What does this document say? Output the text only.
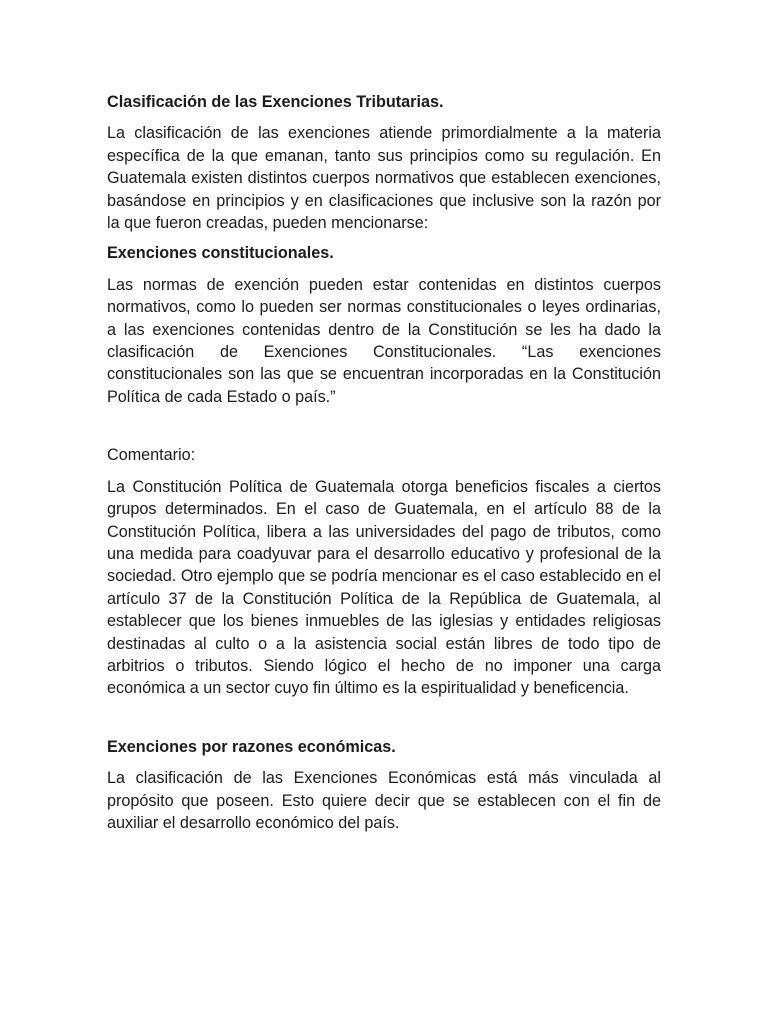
Clasificación de las Exenciones Tributarias.

La clasificación de las exenciones atiende primordialmente a la materia específica de la que emanan, tanto sus principios como su regulación. En Guatemala existen distintos cuerpos normativos que establecen exenciones, basándose en principios y en clasificaciones que inclusive son la razón por la que fueron creadas, pueden mencionarse:

Exenciones constitucionales.

Las normas de exención pueden estar contenidas en distintos cuerpos normativos, como lo pueden ser normas constitucionales o leyes ordinarias, a las exenciones contenidas dentro de la Constitución se les ha dado la clasificación de Exenciones Constitucionales. “Las exenciones constitucionales son las que se encuentran incorporadas en la Constitución Política de cada Estado o país.”

Comentario:

La Constitución Política de Guatemala otorga beneficios fiscales a ciertos grupos determinados. En el caso de Guatemala, en el artículo 88 de la Constitución Política, libera a las universidades del pago de tributos, como una medida para coadyuvar para el desarrollo educativo y profesional de la sociedad. Otro ejemplo que se podría mencionar es el caso establecido en el artículo 37 de la Constitución Política de la República de Guatemala, al establecer que los bienes inmuebles de las iglesias y entidades religiosas destinadas al culto o a la asistencia social están libres de todo tipo de arbitrios o tributos. Siendo lógico el hecho de no imponer una carga económica a un sector cuyo fin último es la espiritualidad y beneficencia.

Exenciones por razones económicas.

La clasificación de las Exenciones Económicas está más vinculada al propósito que poseen. Esto quiere decir que se establecen con el fin de auxiliar el desarrollo económico del país.
